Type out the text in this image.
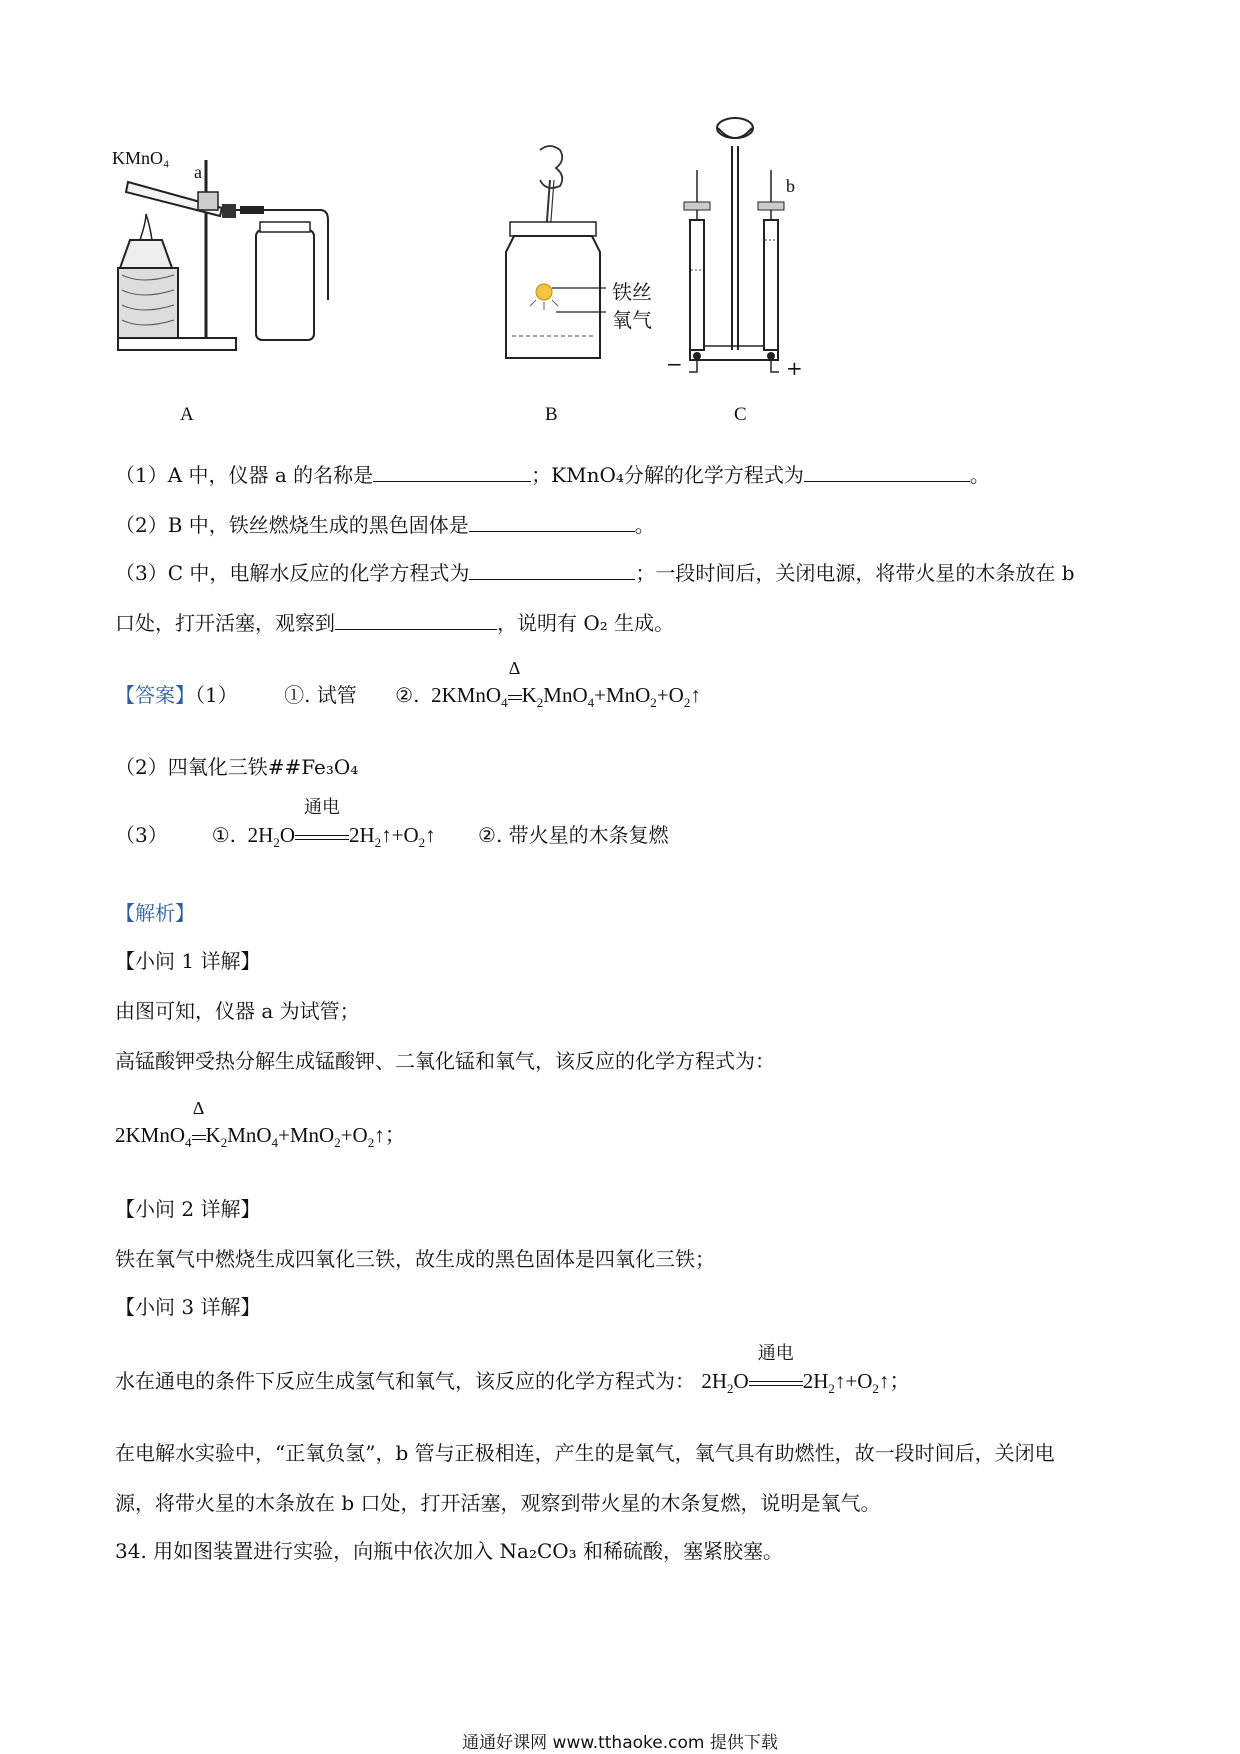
KMnO₄
a
A
铁丝
氧气
B
b
−	+
C
（1）A 中，仪器 a 的名称是	；KMnO₄分解的化学方程式为	。
（2）B 中，铁丝燃烧生成的黑色固体是	。
（3）C 中，电解水反应的化学方程式为	；一段时间后，关闭电源，将带火星的木条放在 b
口处，打开活塞，观察到	，说明有 O₂ 生成。
【答案】（1） ①. 试管 ②. 2KMnO$_4$
Δ
$K_2MnO_4+MnO_2+O_2↑$
（2）四氧化三铁##Fe₃O₄
（3） ①. $2H_2O$
通电
$2H_2↑+O_2↑$ ②. 带火星的木条复燃
【解析】
【小问 1 详解】
由图可知，仪器 a 为试管；
高锰酸钾受热分解生成锰酸钾、二氧化锰和氧气，该反应的化学方程式为：
2KMnO$_4$
Δ
$K_2MnO_4+MnO_2+O_2↑$；
【小问 2 详解】
铁在氧气中燃烧生成四氧化三铁，故生成的黑色固体是四氧化三铁；
【小问 3 详解】
水在通电的条件下反应生成氢气和氧气，该反应的化学方程式为： $2H_2O$
通电
$2H_2↑+O_2↑$；
在电解水实验中，“正氧负氢”，b 管与正极相连，产生的是氧气，氧气具有助燃性，故一段时间后，关闭电
源，将带火星的木条放在 b 口处，打开活塞，观察到带火星的木条复燃，说明是氧气。
34. 用如图装置进行实验，向瓶中依次加入 Na₂CO₃ 和稀硫酸，塞紧胶塞。
通通好课网 www.tthaoke.com 提供下载
